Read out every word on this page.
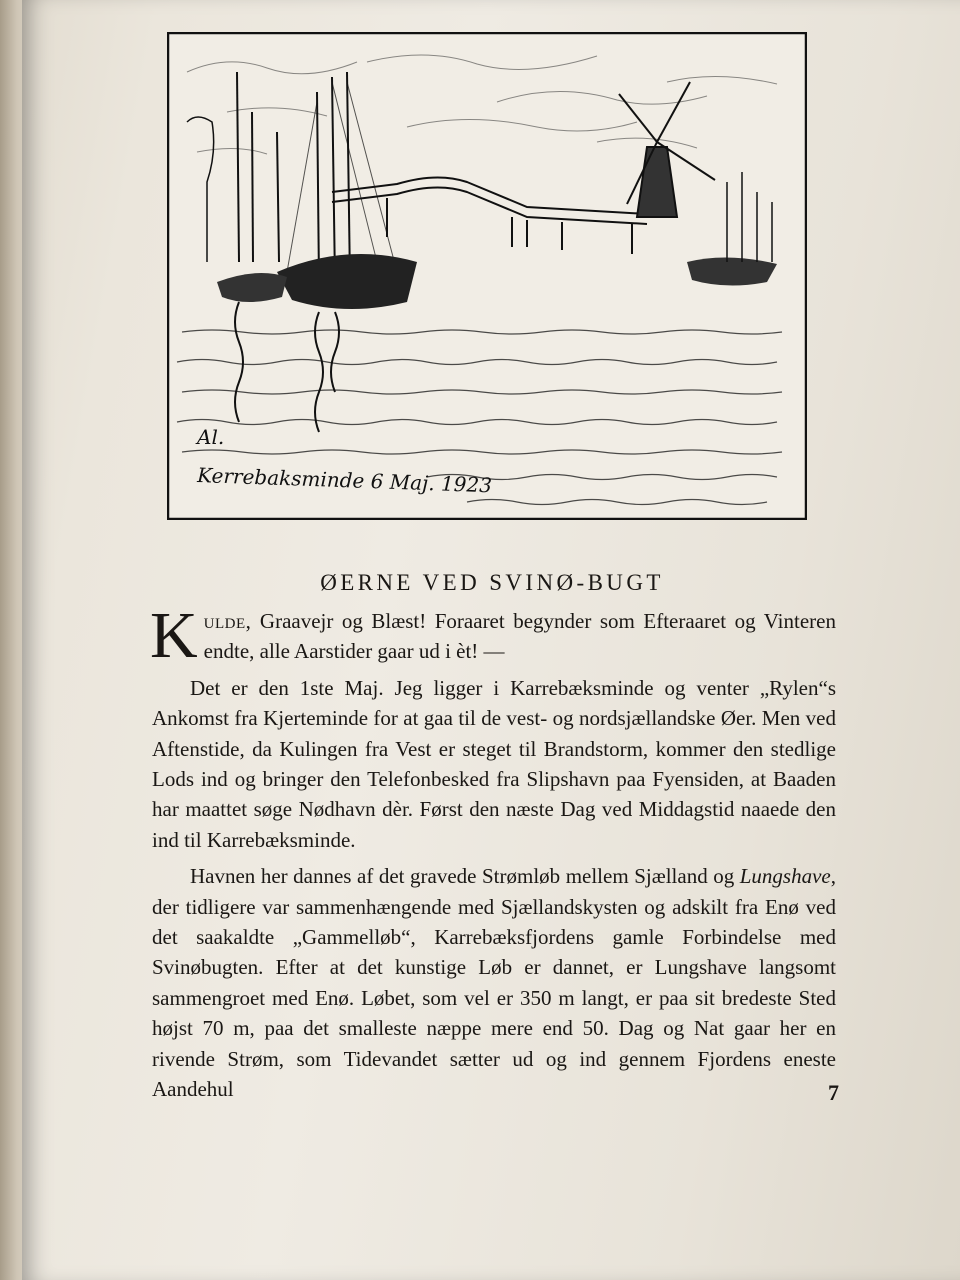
Al.
Kerrebaksminde 6 Maj. 1923
ØERNE VED SVINØ-BUGT

Kulde, Graavejr og Blæst! Foraaret begynder som Efteraaret og Vinteren endte, alle Aarstider gaar ud i èt! —

Det er den 1ste Maj. Jeg ligger i Karrebæksminde og venter „Rylen“s Ankomst fra Kjerteminde for at gaa til de vest- og nordsjællandske Øer. Men ved Aftenstide, da Kulingen fra Vest er steget til Brandstorm, kommer den stedlige Lods ind og bringer den Telefonbesked fra Slipshavn paa Fyensiden, at Baaden har maattet søge Nødhavn dèr. Først den næste Dag ved Middagstid naaede den ind til Karrebæksminde.

Havnen her dannes af det gravede Strømløb mellem Sjælland og Lungshave, der tidligere var sammenhængende med Sjællandskysten og adskilt fra Enø ved det saakaldte „Gammelløb“, Karrebæksfjordens gamle Forbindelse med Svinøbugten. Efter at det kunstige Løb er dannet, er Lungshave langsomt sammengroet med Enø. Løbet, som vel er 350 m langt, er paa sit bredeste Sted højst 70 m, paa det smalleste næppe mere end 50. Dag og Nat gaar her en rivende Strøm, som Tidevandet sætter ud og ind gennem Fjordens eneste Aandehul	7
